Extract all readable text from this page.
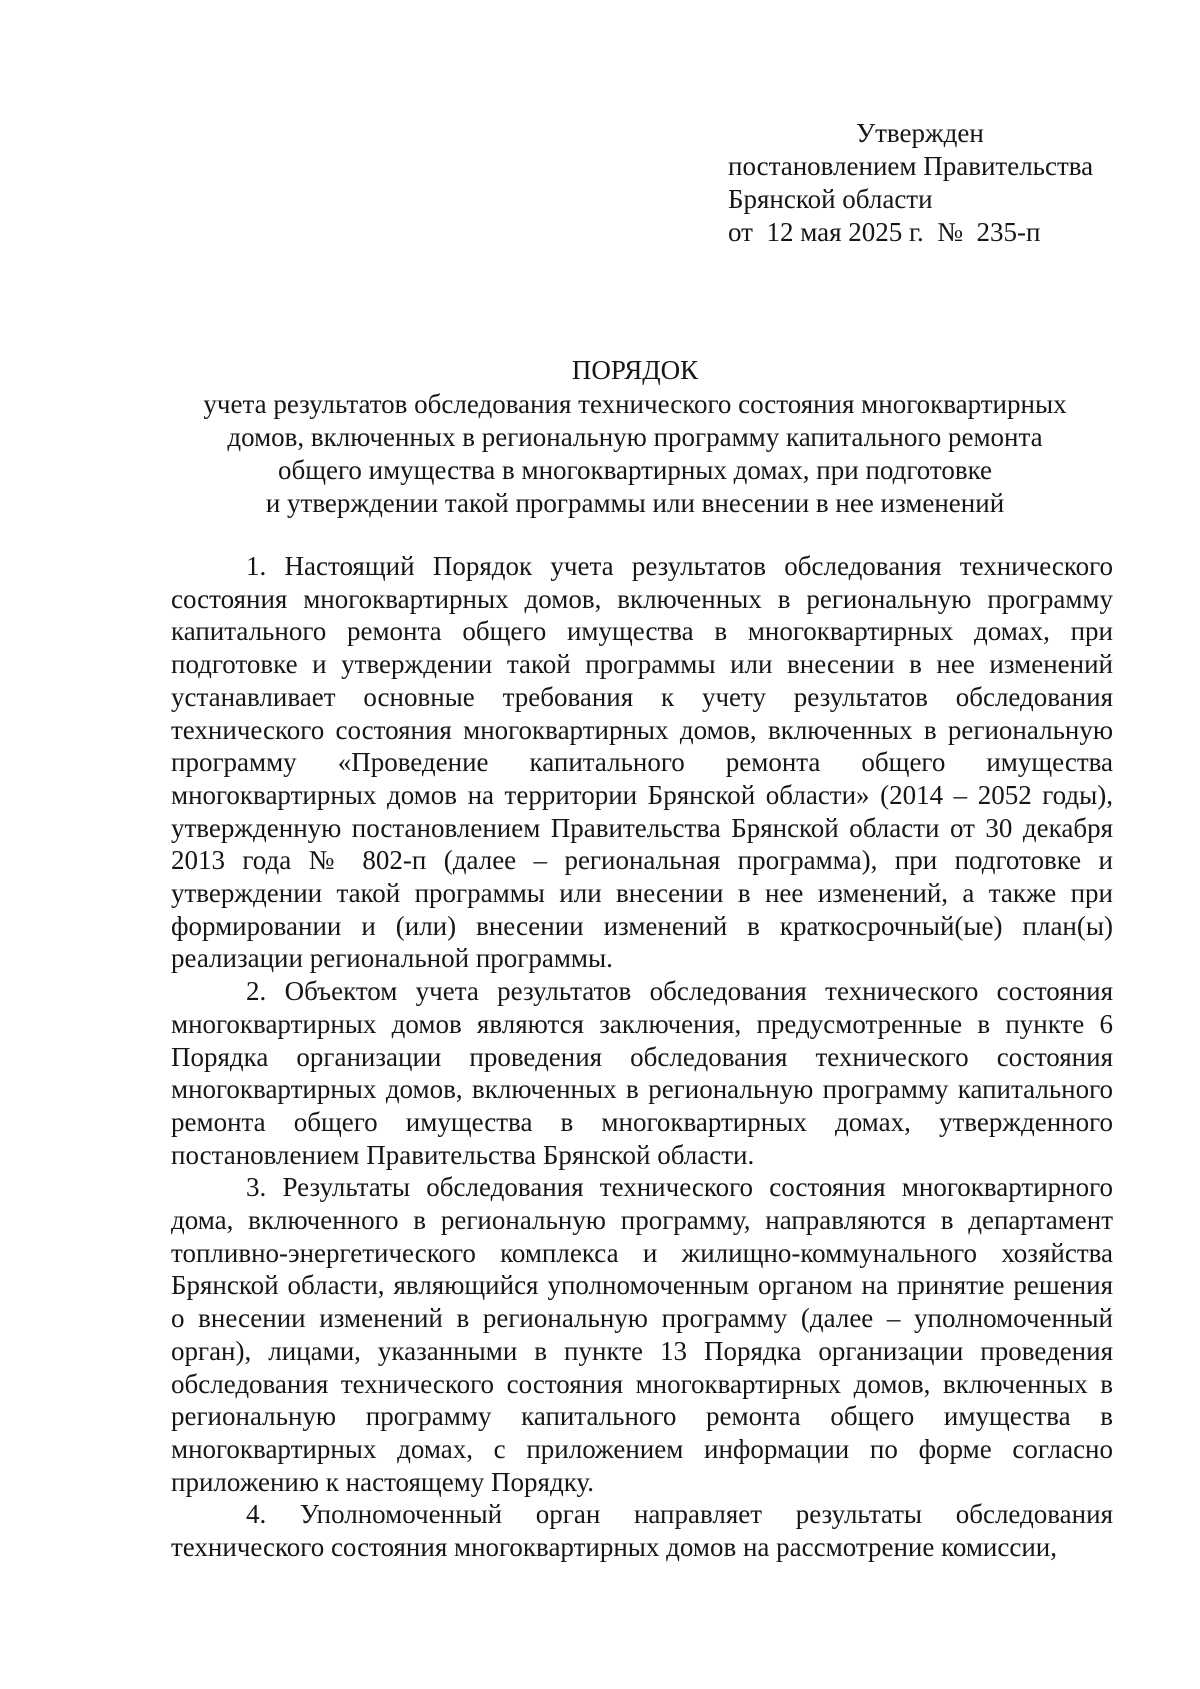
Утвержден
постановлением Правительства
Брянской области
от  12 мая 2025 г.  №  235-п
ПОРЯДОК
учета результатов обследования технического состояния многоквартирных
домов, включенных в региональную программу капитального ремонта
общего имущества в многоквартирных домах, при подготовке
и утверждении такой программы или внесении в нее изменений

1. Настоящий Порядок учета результатов обследования технического состояния многоквартирных домов, включенных в региональную программу капитального ремонта общего имущества в многоквартирных домах, при подготовке и утверждении такой программы или внесении в нее изменений устанавливает основные требования к учету результатов обследования технического состояния многоквартирных домов, включенных в региональную программу «Проведение капитального ремонта общего имущества многоквартирных домов на территории Брянской области» (2014 – 2052 годы), утвержденную постановлением Правительства Брянской области от 30 декабря 2013 года № 802-п (далее – региональная программа), при подготовке и утверждении такой программы или внесении в нее изменений, а также при формировании и (или) внесении изменений в краткосрочный(ые) план(ы) реализации региональной программы.

2. Объектом учета результатов обследования технического состояния многоквартирных домов являются заключения, предусмотренные в пункте 6 Порядка организации проведения обследования технического состояния многоквартирных домов, включенных в региональную программу капитального ремонта общего имущества в многоквартирных домах, утвержденного постановлением Правительства Брянской области.

3. Результаты обследования технического состояния многоквартирного дома, включенного в региональную программу, направляются в департамент топливно-энергетического комплекса и жилищно-коммунального хозяйства Брянской области, являющийся уполномоченным органом на принятие решения о внесении изменений в региональную программу (далее – уполномоченный орган), лицами, указанными в пункте 13 Порядка организации проведения обследования технического состояния многоквартирных домов, включенных в региональную программу капитального ремонта общего имущества в многоквартирных домах, с приложением информации по форме согласно приложению к настоящему Порядку.

4. Уполномоченный орган направляет результаты обследования технического состояния многоквартирных домов на рассмотрение комиссии,
